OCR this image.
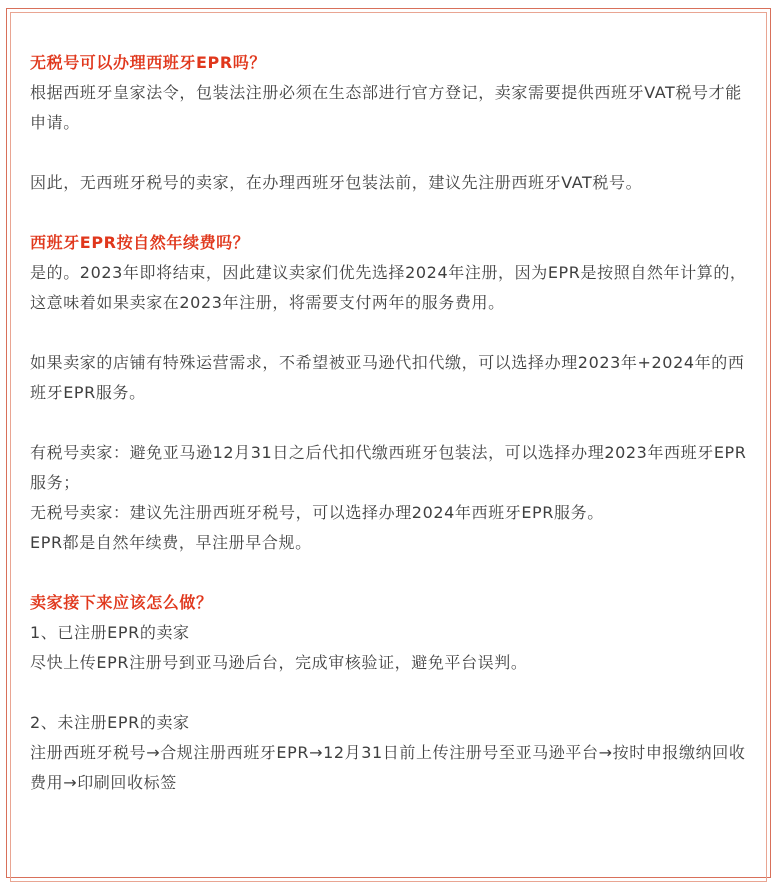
无税号可以办理西班牙EPR吗？

根据西班牙皇家法令，包装法注册必须在生态部进行官方登记，卖家需要提供西班牙VAT税号才能申请。

因此，无西班牙税号的卖家，在办理西班牙包装法前，建议先注册西班牙VAT税号。

西班牙EPR按自然年续费吗？

是的。2023年即将结束，因此建议卖家们优先选择2024年注册，因为EPR是按照自然年计算的，这意味着如果卖家在2023年注册，将需要支付两年的服务费用。

如果卖家的店铺有特殊运营需求，不希望被亚马逊代扣代缴，可以选择办理2023年+2024年的西班牙EPR服务。

有税号卖家：避免亚马逊12月31日之后代扣代缴西班牙包装法，可以选择办理2023年西班牙EPR服务；

无税号卖家：建议先注册西班牙税号，可以选择办理2024年西班牙EPR服务。

EPR都是自然年续费，早注册早合规。

卖家接下来应该怎么做？

1、已注册EPR的卖家

尽快上传EPR注册号到亚马逊后台，完成审核验证，避免平台误判。

2、未注册EPR的卖家

注册西班牙税号→合规注册西班牙EPR→12月31日前上传注册号至亚马逊平台→按时申报缴纳回收费用→印刷回收标签
